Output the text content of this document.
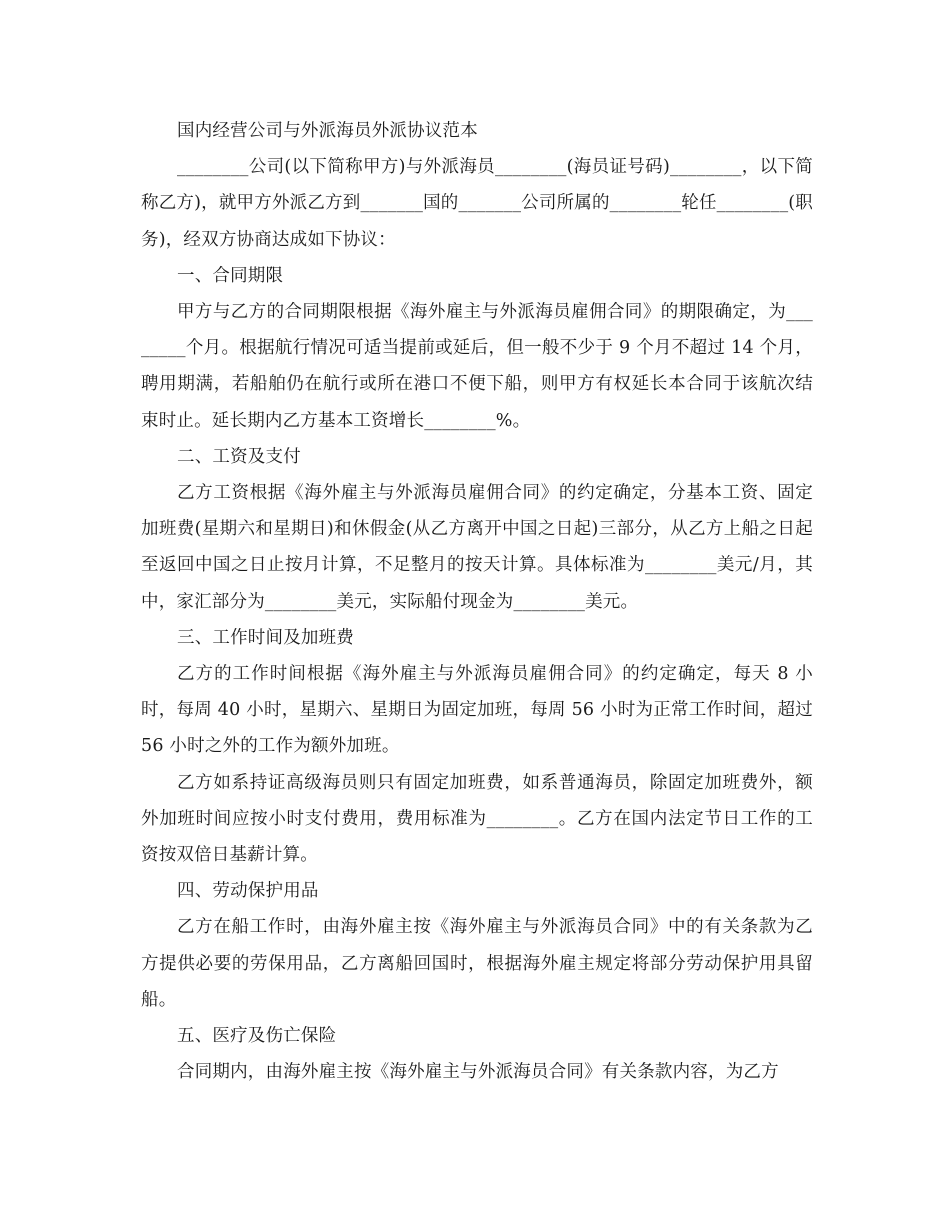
国内经营公司与外派海员外派协议范本

________公司(以下简称甲方)与外派海员________(海员证号码)________，以下简称乙方)，就甲方外派乙方到_______国的_______公司所属的________轮任________(职务)，经双方协商达成如下协议：

一、合同期限

甲方与乙方的合同期限根据《海外雇主与外派海员雇佣合同》的期限确定，为________个月。根据航行情况可适当提前或延后，但一般不少于 9 个月不超过 14 个月，聘用期满，若船舶仍在航行或所在港口不便下船，则甲方有权延长本合同于该航次结束时止。延长期内乙方基本工资增长________%。

二、工资及支付

乙方工资根据《海外雇主与外派海员雇佣合同》的约定确定，分基本工资、固定加班费(星期六和星期日)和休假金(从乙方离开中国之日起)三部分，从乙方上船之日起至返回中国之日止按月计算，不足整月的按天计算。具体标准为________美元/月，其中，家汇部分为________美元，实际船付现金为________美元。

三、工作时间及加班费

乙方的工作时间根据《海外雇主与外派海员雇佣合同》的约定确定，每天 8 小时，每周 40 小时，星期六、星期日为固定加班，每周 56 小时为正常工作时间，超过 56 小时之外的工作为额外加班。

乙方如系持证高级海员则只有固定加班费，如系普通海员，除固定加班费外，额外加班时间应按小时支付费用，费用标准为________。乙方在国内法定节日工作的工资按双倍日基薪计算。

四、劳动保护用品

乙方在船工作时，由海外雇主按《海外雇主与外派海员合同》中的有关条款为乙方提供必要的劳保用品，乙方离船回国时，根据海外雇主规定将部分劳动保护用具留船。

五、医疗及伤亡保险

合同期内，由海外雇主按《海外雇主与外派海员合同》有关条款内容，为乙方
